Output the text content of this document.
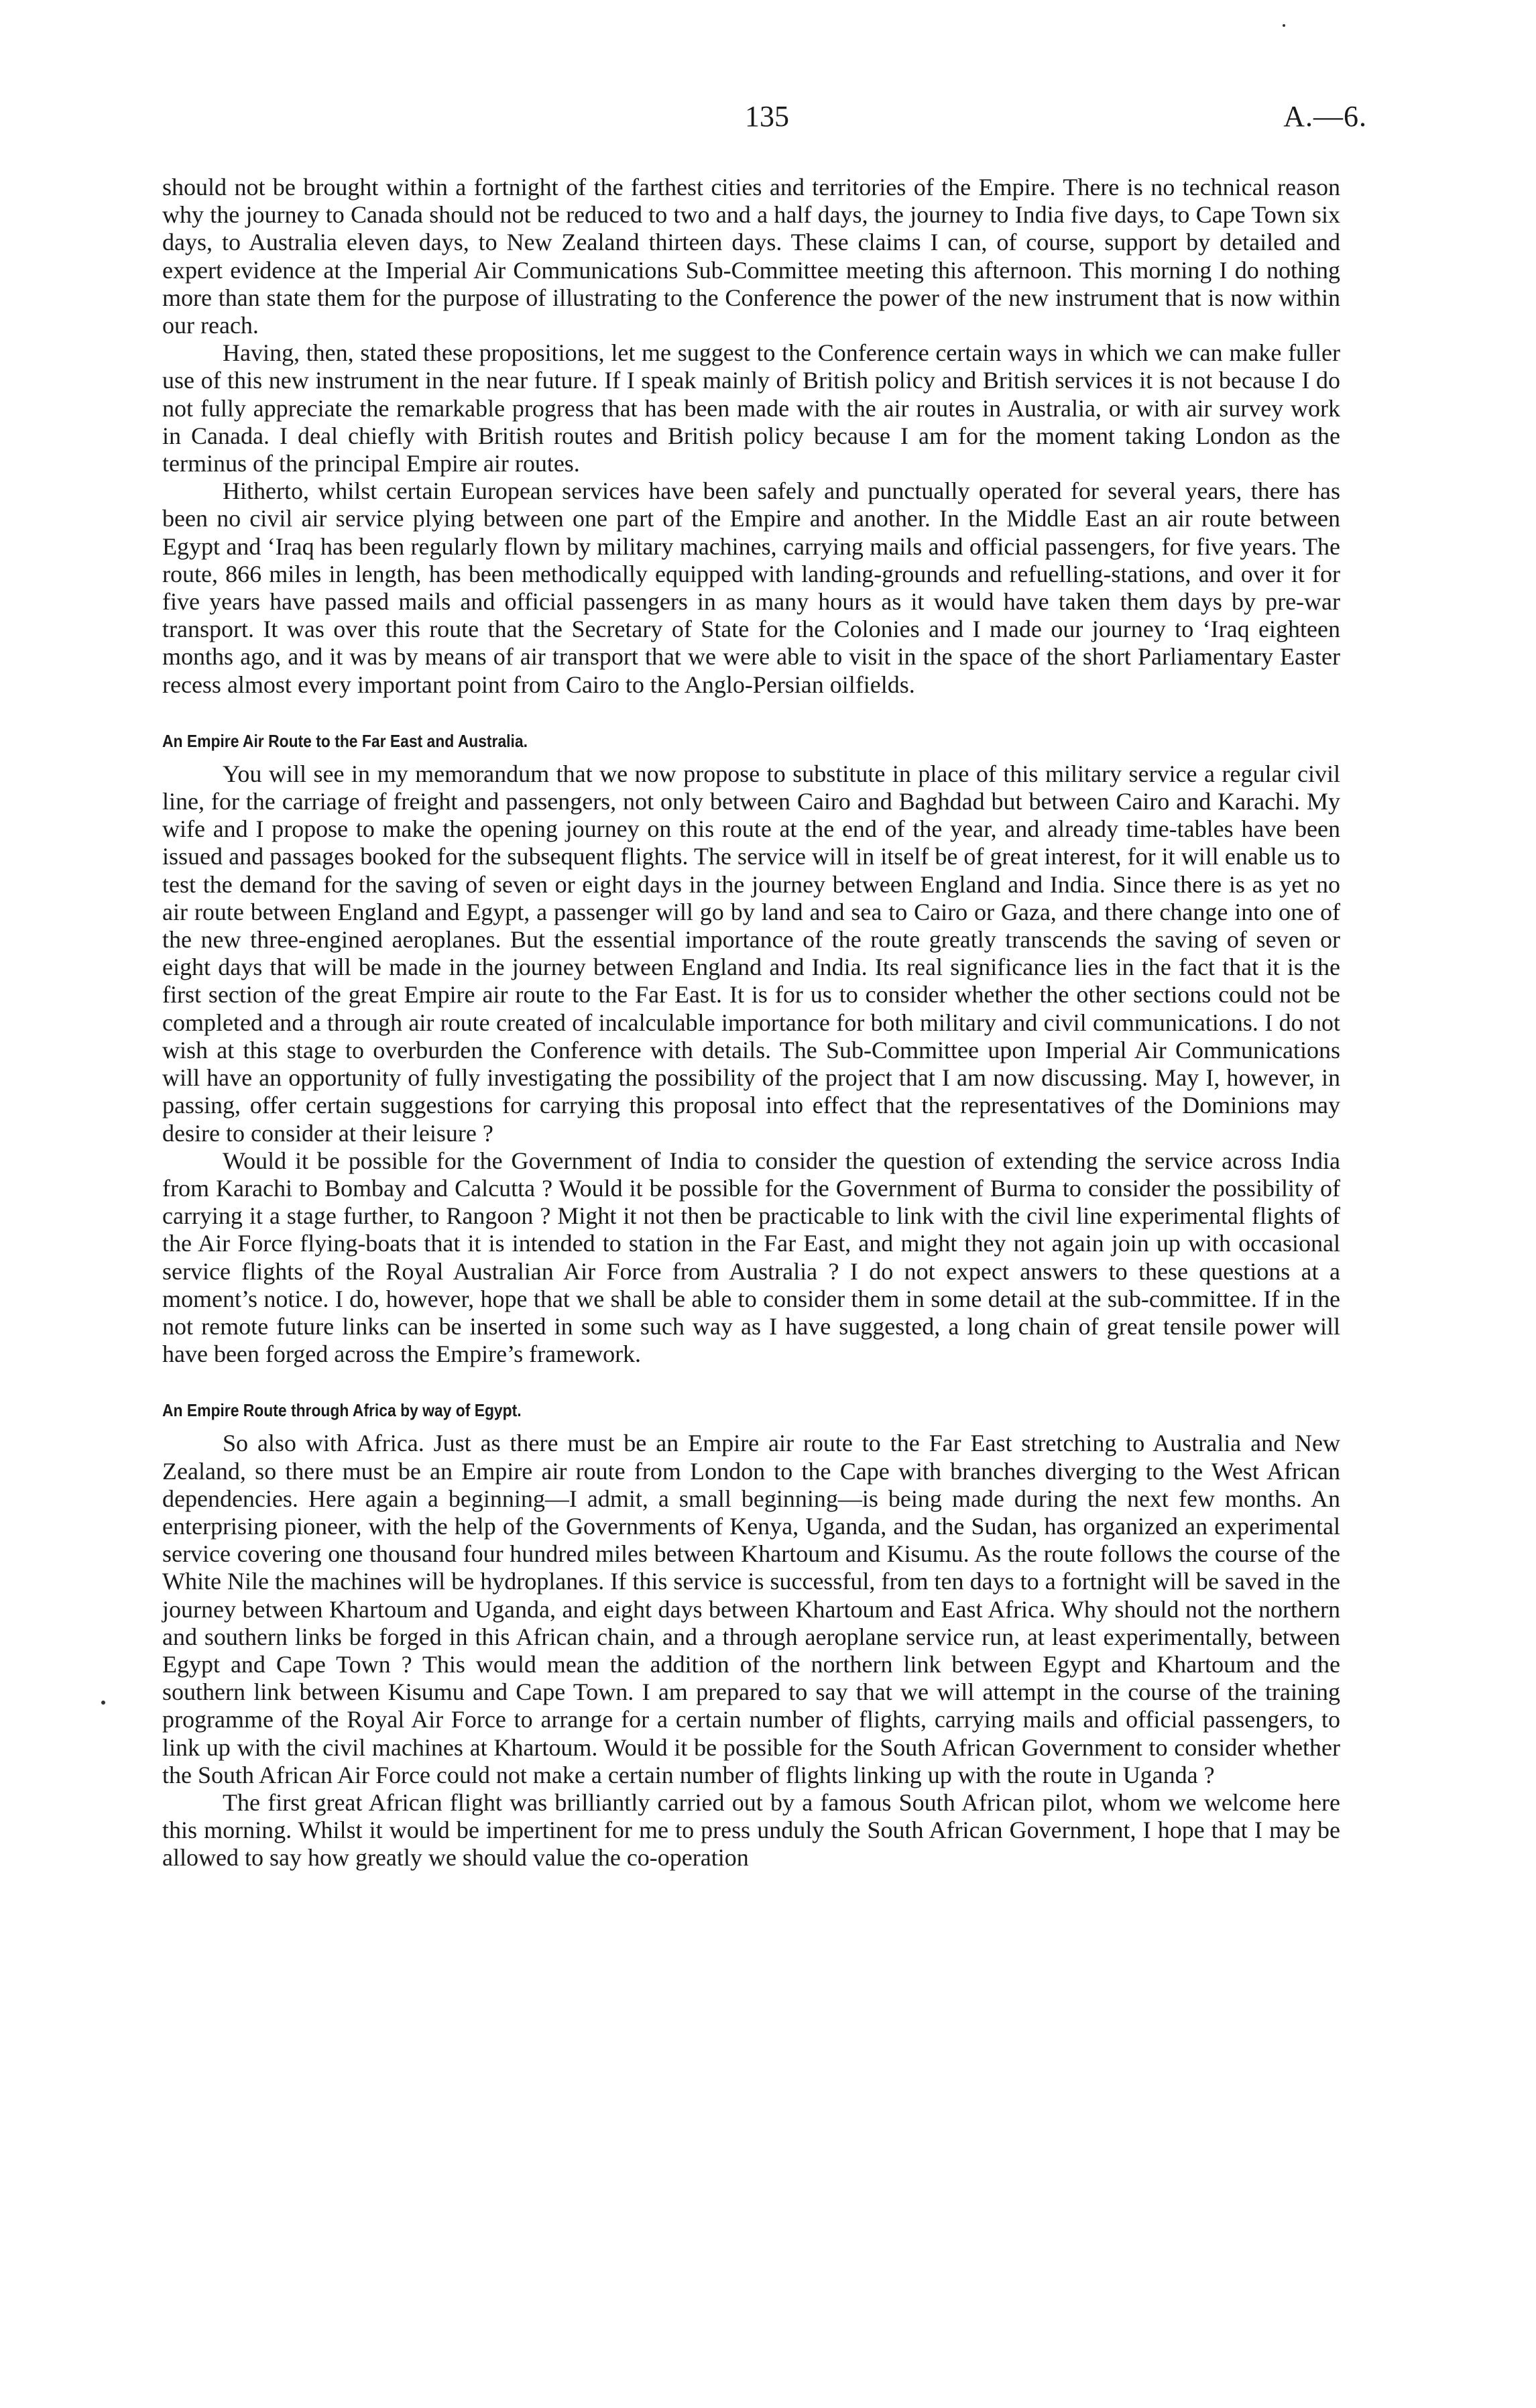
135	A.—6.

should not be brought within a fortnight of the farthest cities and territories of the Empire. There is no technical reason why the journey to Canada should not be reduced to two and a half days, the journey to India five days, to Cape Town six days, to Australia eleven days, to New Zealand thirteen days. These claims I can, of course, support by detailed and expert evidence at the Imperial Air Communications Sub-Committee meeting this afternoon. This morning I do nothing more than state them for the purpose of illustrating to the Conference the power of the new instrument that is now within our reach.

Having, then, stated these propositions, let me suggest to the Conference certain ways in which we can make fuller use of this new instrument in the near future. If I speak mainly of British policy and British services it is not because I do not fully appreciate the remarkable progress that has been made with the air routes in Australia, or with air survey work in Canada. I deal chiefly with British routes and British policy because I am for the moment taking London as the terminus of the principal Empire air routes.

Hitherto, whilst certain European services have been safely and punctually operated for several years, there has been no civil air service plying between one part of the Empire and another. In the Middle East an air route between Egypt and ‘Iraq has been regularly flown by military machines, carrying mails and official passengers, for five years. The route, 866 miles in length, has been methodically equipped with landing-grounds and refuelling-stations, and over it for five years have passed mails and official passengers in as many hours as it would have taken them days by pre-war transport. It was over this route that the Secretary of State for the Colonies and I made our journey to ‘Iraq eighteen months ago, and it was by means of air transport that we were able to visit in the space of the short Parliamentary Easter recess almost every important point from Cairo to the Anglo-Persian oilfields.

An Empire Air Route to the Far East and Australia.

You will see in my memorandum that we now propose to substitute in place of this military service a regular civil line, for the carriage of freight and passengers, not only between Cairo and Baghdad but between Cairo and Karachi. My wife and I propose to make the opening journey on this route at the end of the year, and already time-tables have been issued and passages booked for the subsequent flights. The service will in itself be of great interest, for it will enable us to test the demand for the saving of seven or eight days in the journey between England and India. Since there is as yet no air route between England and Egypt, a passenger will go by land and sea to Cairo or Gaza, and there change into one of the new three-engined aeroplanes. But the essential importance of the route greatly transcends the saving of seven or eight days that will be made in the journey between England and India. Its real significance lies in the fact that it is the first section of the great Empire air route to the Far East. It is for us to consider whether the other sections could not be completed and a through air route created of incalculable importance for both military and civil communications. I do not wish at this stage to overburden the Conference with details. The Sub-Committee upon Imperial Air Communications will have an opportunity of fully investigating the possibility of the project that I am now discussing. May I, however, in passing, offer certain suggestions for carrying this proposal into effect that the representatives of the Dominions may desire to consider at their leisure ?

Would it be possible for the Government of India to consider the question of extending the service across India from Karachi to Bombay and Calcutta ? Would it be possible for the Government of Burma to consider the possibility of carrying it a stage further, to Rangoon ? Might it not then be practicable to link with the civil line experimental flights of the Air Force flying-boats that it is intended to station in the Far East, and might they not again join up with occasional service flights of the Royal Australian Air Force from Australia ? I do not expect answers to these questions at a moment’s notice. I do, however, hope that we shall be able to consider them in some detail at the sub-committee. If in the not remote future links can be inserted in some such way as I have suggested, a long chain of great tensile power will have been forged across the Empire’s framework.

An Empire Route through Africa by way of Egypt.

So also with Africa. Just as there must be an Empire air route to the Far East stretching to Australia and New Zealand, so there must be an Empire air route from London to the Cape with branches diverging to the West African dependencies. Here again a beginning—I admit, a small beginning—is being made during the next few months. An enterprising pioneer, with the help of the Governments of Kenya, Uganda, and the Sudan, has organized an experimental service covering one thousand four hundred miles between Khartoum and Kisumu. As the route follows the course of the White Nile the machines will be hydroplanes. If this service is successful, from ten days to a fortnight will be saved in the journey between Khartoum and Uganda, and eight days between Khartoum and East Africa. Why should not the northern and southern links be forged in this African chain, and a through aeroplane service run, at least experimentally, between Egypt and Cape Town ? This would mean the addition of the northern link between Egypt and Khartoum and the southern link between Kisumu and Cape Town. I am prepared to say that we will attempt in the course of the training programme of the Royal Air Force to arrange for a certain number of flights, carrying mails and official passengers, to link up with the civil machines at Khartoum. Would it be possible for the South African Government to consider whether the South African Air Force could not make a certain number of flights linking up with the route in Uganda ?

The first great African flight was brilliantly carried out by a famous South African pilot, whom we welcome here this morning. Whilst it would be impertinent for me to press unduly the South African Government, I hope that I may be allowed to say how greatly we should value the co-operation
